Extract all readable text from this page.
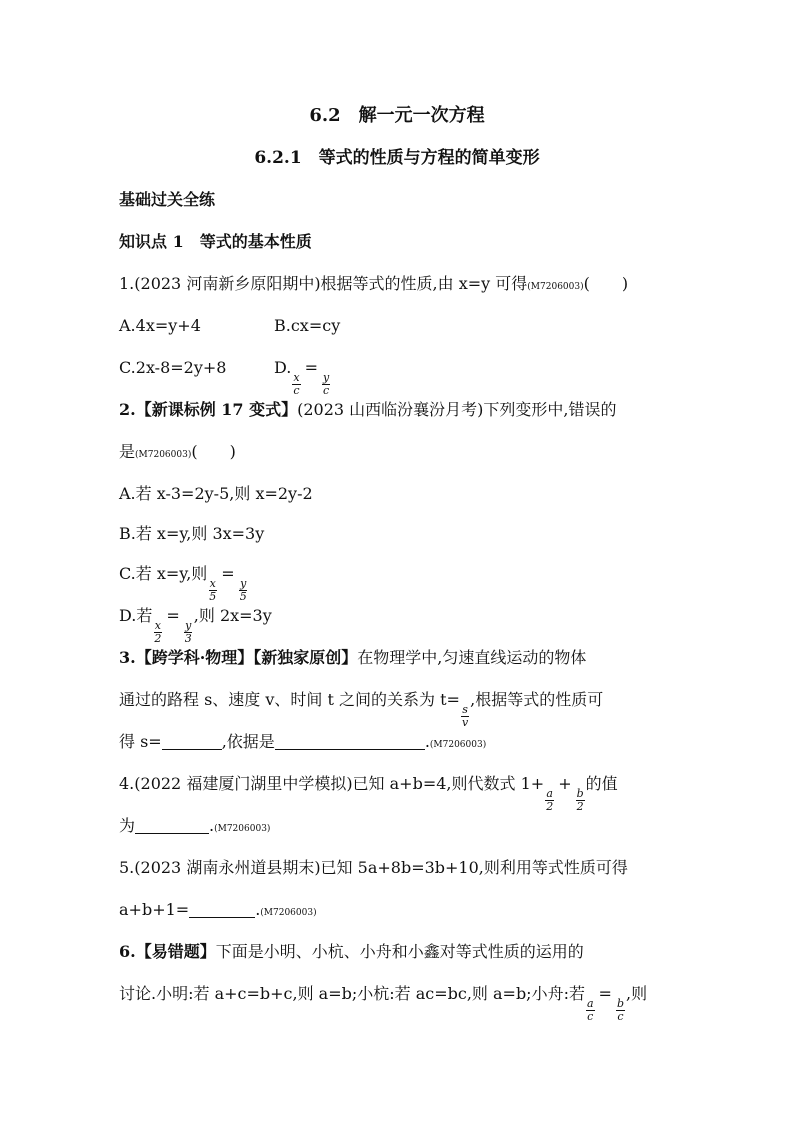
6.2　解一元一次方程
6.2.1　等式的性质与方程的简单变形
基础过关全练
知识点 1　等式的基本性质
1.(2023 河南新乡原阳期中)根据等式的性质,由 x=y 可得(M7206003)(　　)
A.4x=y+4	B.cx=cy
C.2x-8=2y+8	D.
$\frac{x}{c}$
=
$\frac{y}{c}$
2.【新课标例 17 变式】(2023 山西临汾襄汾月考)下列变形中,错误的
是(M7206003)(　　)
A.若 x-3=2y-5,则 x=2y-2
B.若 x=y,则 3x=3y
C.若 x=y,则
$\frac{x}{5}$
=
$\frac{y}{5}$
D.若
$\frac{x}{2}$
=
$\frac{y}{3}$
,则 2x=3y
3.【跨学科·物理】【新独家原创】在物理学中,匀速直线运动的物体
通过的路程 s、速度 v、时间 t 之间的关系为 t=
$\frac{s}{v}$
,根据等式的性质可
得 s=	,依据是	.(M7206003)
4.(2022 福建厦门湖里中学模拟)已知 a+b=4,则代数式 1+
$\frac{a}{2}$
+
$\frac{b}{2}$
的值
为	.(M7206003)
5.(2023 湖南永州道县期末)已知 5a+8b=3b+10,则利用等式性质可得
a+b+1=	.(M7206003)
6.【易错题】下面是小明、小杭、小舟和小鑫对等式性质的运用的
讨论.小明:若 a+c=b+c,则 a=b;小杭:若 ac=bc,则 a=b;小舟:若
$\frac{a}{c}$
=
$\frac{b}{c}$
,则
